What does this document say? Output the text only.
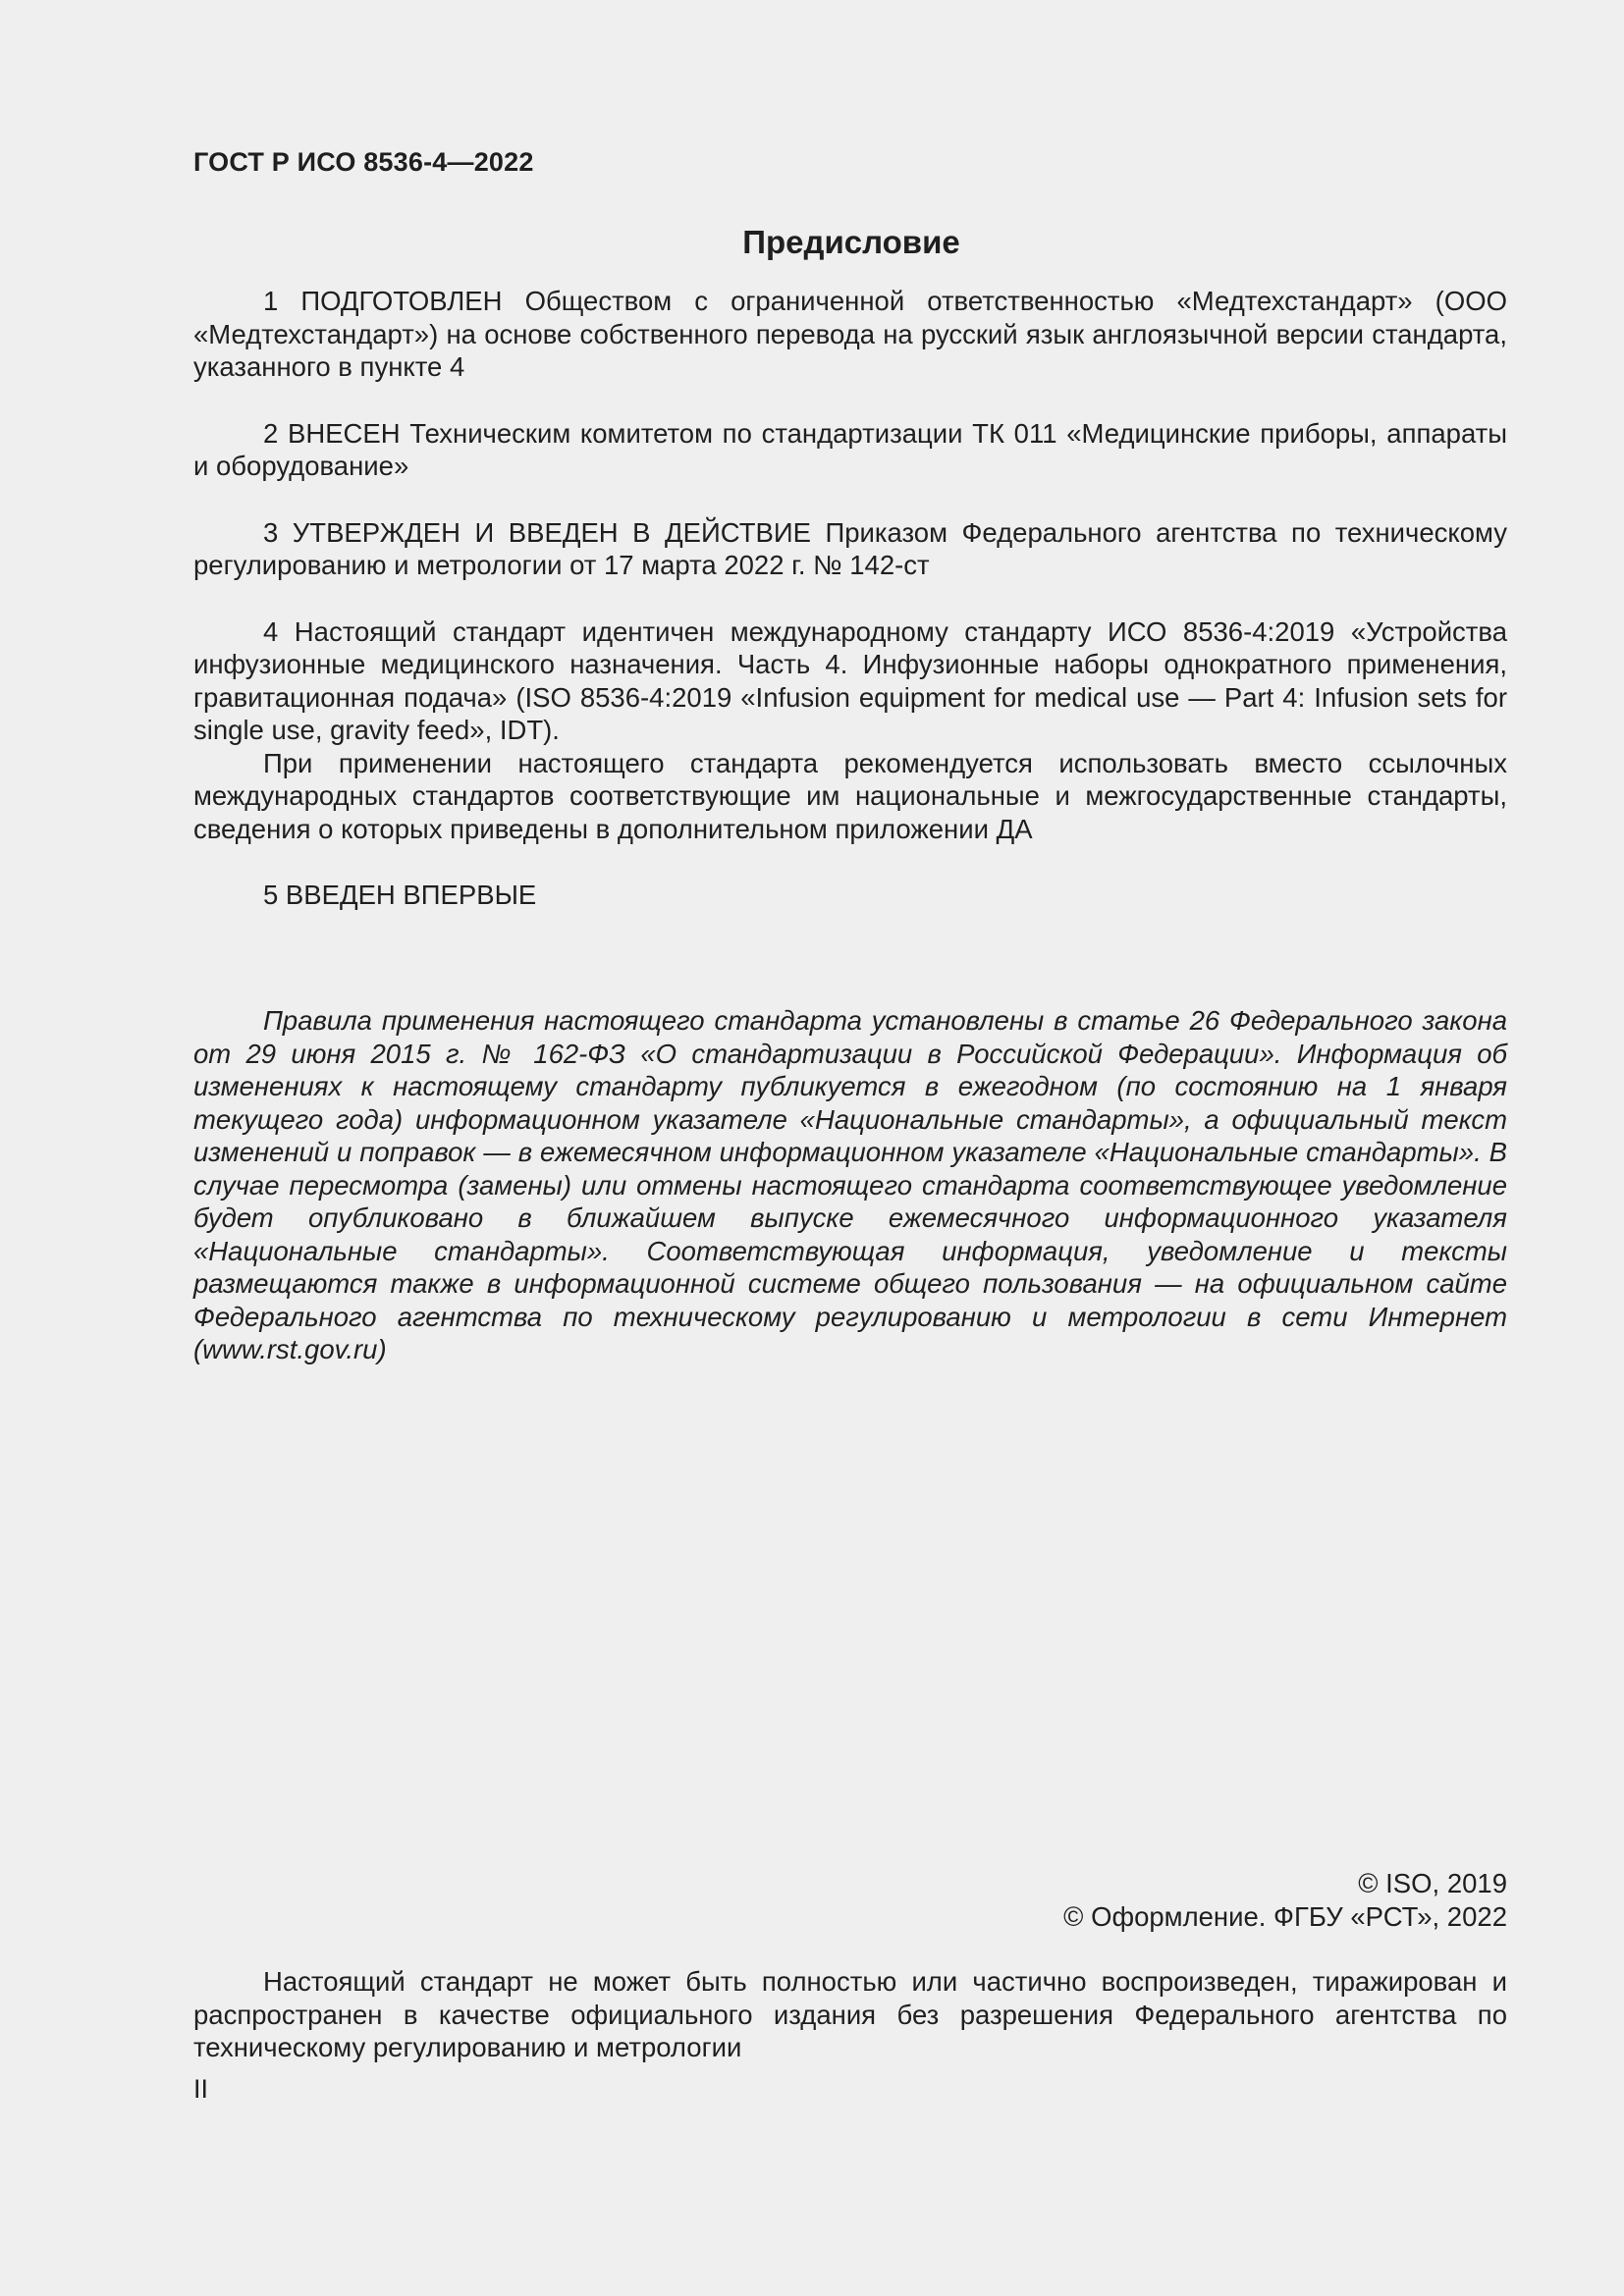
ГОСТ Р ИСО 8536-4—2022
Предисловие

1 ПОДГОТОВЛЕН Обществом с ограниченной ответственностью «Медтехстандарт» (ООО «Медтехстандарт») на основе собственного перевода на русский язык англоязычной версии стандарта, указанного в пункте 4

2 ВНЕСЕН Техническим комитетом по стандартизации ТК 011 «Медицинские приборы, аппараты и оборудование»

3 УТВЕРЖДЕН И ВВЕДЕН В ДЕЙСТВИЕ Приказом Федерального агентства по техническому регулированию и метрологии от 17 марта 2022 г. № 142-ст

4 Настоящий стандарт идентичен международному стандарту ИСО 8536-4:2019 «Устройства инфузионные медицинского назначения. Часть 4. Инфузионные наборы однократного применения, гравитационная подача» (ISO 8536-4:2019 «Infusion equipment for medical use — Part 4: Infusion sets for single use, gravity feed», IDT).

При применении настоящего стандарта рекомендуется использовать вместо ссылочных международных стандартов соответствующие им национальные и межгосударственные стандарты, сведения о которых приведены в дополнительном приложении ДА

5 ВВЕДЕН ВПЕРВЫЕ

Правила применения настоящего стандарта установлены в статье 26 Федерального закона от 29 июня 2015 г. № 162-ФЗ «О стандартизации в Российской Федерации». Информация об изменениях к настоящему стандарту публикуется в ежегодном (по состоянию на 1 января текущего года) информационном указателе «Национальные стандарты», а официальный текст изменений и поправок — в ежемесячном информационном указателе «Национальные стандарты». В случае пересмотра (замены) или отмены настоящего стандарта соответствующее уведомление будет опубликовано в ближайшем выпуске ежемесячного информационного указателя «Национальные стандарты». Соответствующая информация, уведомление и тексты размещаются также в информационной системе общего пользования — на официальном сайте Федерального агентства по техническому регулированию и метрологии в сети Интернет (www.rst.gov.ru)

© ISO, 2019
© Оформление. ФГБУ «РСТ», 2022

Настоящий стандарт не может быть полностью или частично воспроизведен, тиражирован и распространен в качестве официального издания без разрешения Федерального агентства по техническому регулированию и метрологии

II
